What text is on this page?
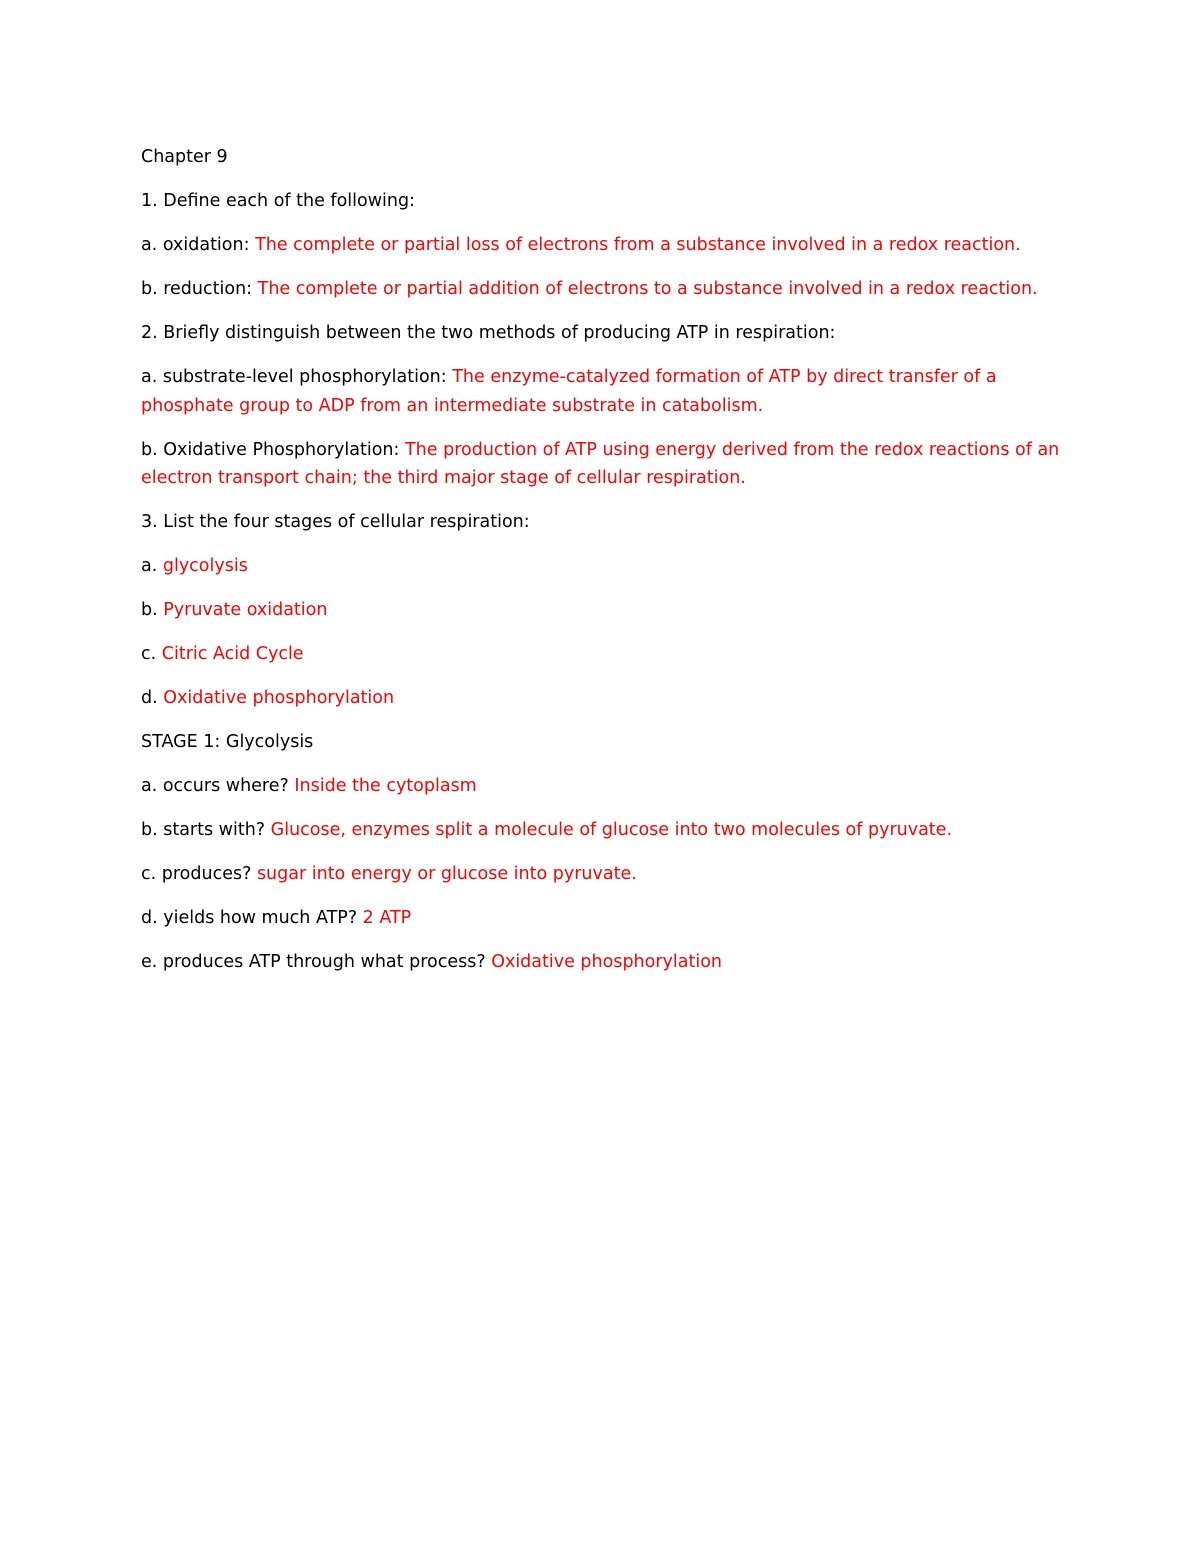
Chapter 9
1. Define each of the following:
a. oxidation: The complete or partial loss of electrons from a substance involved in a redox reaction.
b. reduction: The complete or partial addition of electrons to a substance involved in a redox reaction.
2. Briefly distinguish between the two methods of producing ATP in respiration:
a. substrate-level phosphorylation: The enzyme-catalyzed formation of ATP by direct transfer of a phosphate group to ADP from an intermediate substrate in catabolism.
b. Oxidative Phosphorylation: The production of ATP using energy derived from the redox reactions of an electron transport chain; the third major stage of cellular respiration.
3. List the four stages of cellular respiration:
a. glycolysis
b. Pyruvate oxidation
c. Citric Acid Cycle
d. Oxidative phosphorylation
STAGE 1: Glycolysis
a. occurs where? Inside the cytoplasm
b. starts with? Glucose, enzymes split a molecule of glucose into two molecules of pyruvate.
c. produces? sugar into energy or glucose into pyruvate.
d. yields how much ATP? 2 ATP
e. produces ATP through what process? Oxidative phosphorylation
